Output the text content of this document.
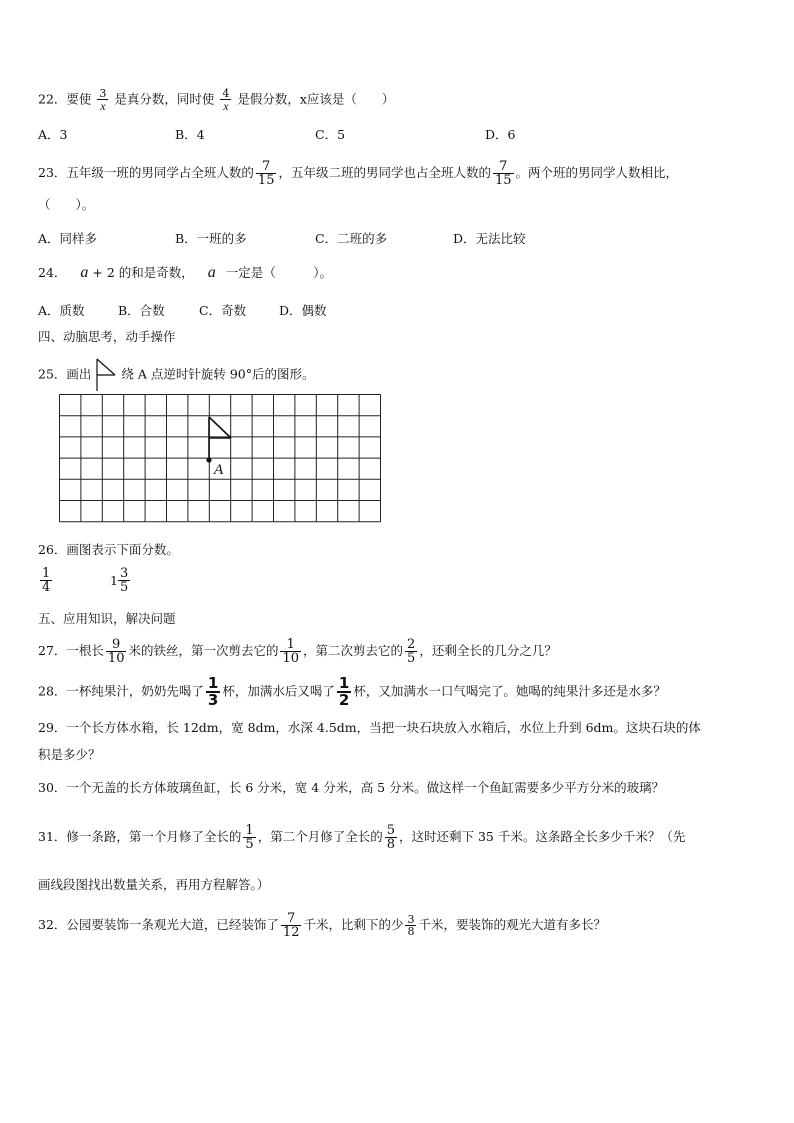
22．要使 $\frac{3}{x}$ 是真分数，同时使 $\frac{4}{x}$ 是假分数，x应该是（　　）
A．3	B．4	C．5	D．6
23．五年级一班的男同学占全班人数的 $\frac{7}{15}$ ，五年级二班的男同学也占全班人数的 $\frac{7}{15}$ 。两个班的男同学人数相比，
（　　）。
A．同样多	B．一班的多	C．二班的多	D．无法比较
24． a + 2 的和是奇数， a 一定是（　　　）。
A．质数	B．合数	C．奇数	D．偶数
四、动脑思考，动手操作
25．画出 绕 A 点逆时针旋转 90°后的图形。
A
26．画图表示下面分数。
$\frac{1}{4}$	$1 \frac{3}{5}$
五、应用知识，解决问题
27．一根长 $\frac{9}{10}$ 米的铁丝，第一次剪去它的 $\frac{1}{10}$ ，第二次剪去它的 $\frac{2}{5}$ ，还剩全长的几分之几？
28．一杯纯果汁，奶奶先喝了 $\frac{1}{3}$ 杯，加满水后又喝了 $\frac{1}{2}$ 杯，又加满水一口气喝完了。她喝的纯果汁多还是水多？
29．一个长方体水箱，长 12dm，宽 8dm，水深 4.5dm，当把一块石块放入水箱后，水位上升到 6dm。这块石块的体
积是多少？
30．一个无盖的长方体玻璃鱼缸，长 6 分米，宽 4 分米，高 5 分米。做这样一个鱼缸需要多少平方分米的玻璃？
31．修一条路，第一个月修了全长的 $\frac{1}{5}$ ，第二个月修了全长的 $\frac{5}{8}$ ，这时还剩下 35 千米。这条路全长多少千米？（先
画线段图找出数量关系，再用方程解答。）
32．公园要装饰一条观光大道，已经装饰了 $\frac{7}{12}$ 千米，比剩下的少 $\frac{3}{8}$ 千米，要装饰的观光大道有多长？
